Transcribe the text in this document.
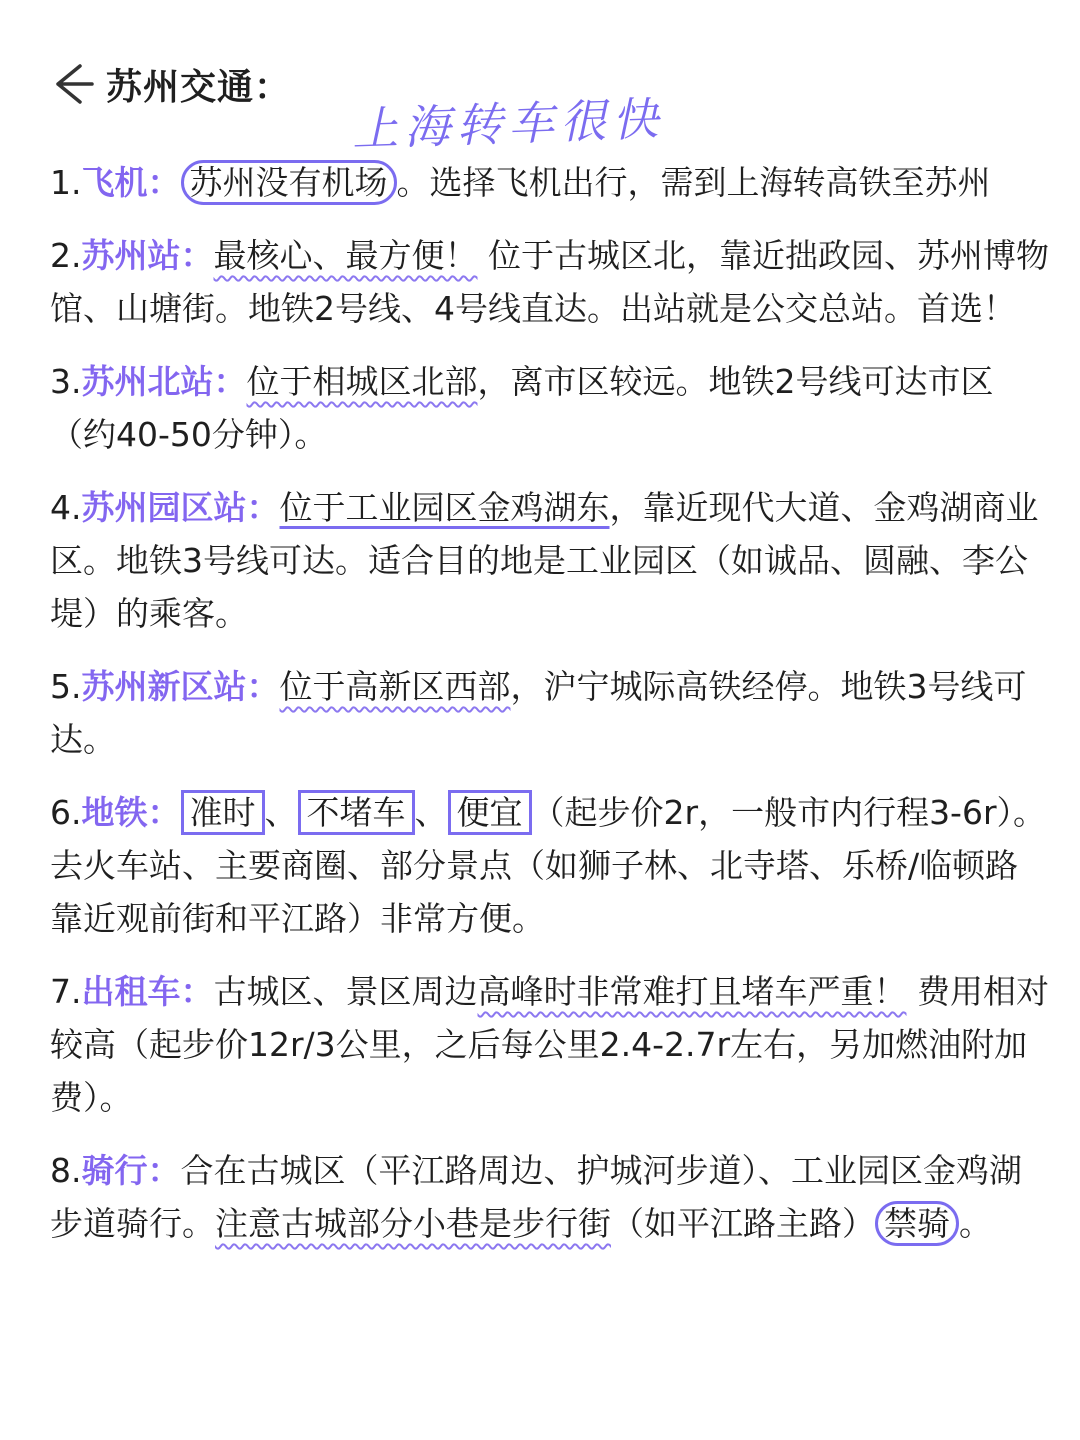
苏州交通：
上海转车很快

1.飞机： 苏州没有机场 。选择飞机出行，需到上海转高铁至苏州

2.苏州站：最核心、最方便！ 位于古城区北，靠近拙政园、苏州博物馆、山塘街。地铁2号线、4号线直达。出站就是公交总站。首选！

3.苏州北站：位于相城区北部，离市区较远。地铁2号线可达市区（约40-50分钟）。

4.苏州园区站：位于工业园区金鸡湖东，靠近现代大道、金鸡湖商业区。地铁3号线可达。适合目的地是工业园区（如诚品、圆融、李公堤）的乘客。

5.苏州新区站：位于高新区西部，沪宁城际高铁经停。地铁3号线可达。

6.地铁： 准时 、 不堵车 、 便宜 （起步价2r，一般市内行程3-6r）。去火车站、主要商圈、部分景点（如狮子林、北寺塔、乐桥/临顿路靠近观前街和平江路）非常方便。

7.出租车：古城区、景区周边高峰时非常难打且堵车严重！ 费用相对较高（起步价12r/3公里，之后每公里2.4-2.7r左右，另加燃油附加费）。

8.骑行：合在古城区（平江路周边、护城河步道）、工业园区金鸡湖步道骑行。注意古城部分小巷是步行街（如平江路主路） 禁骑 。
